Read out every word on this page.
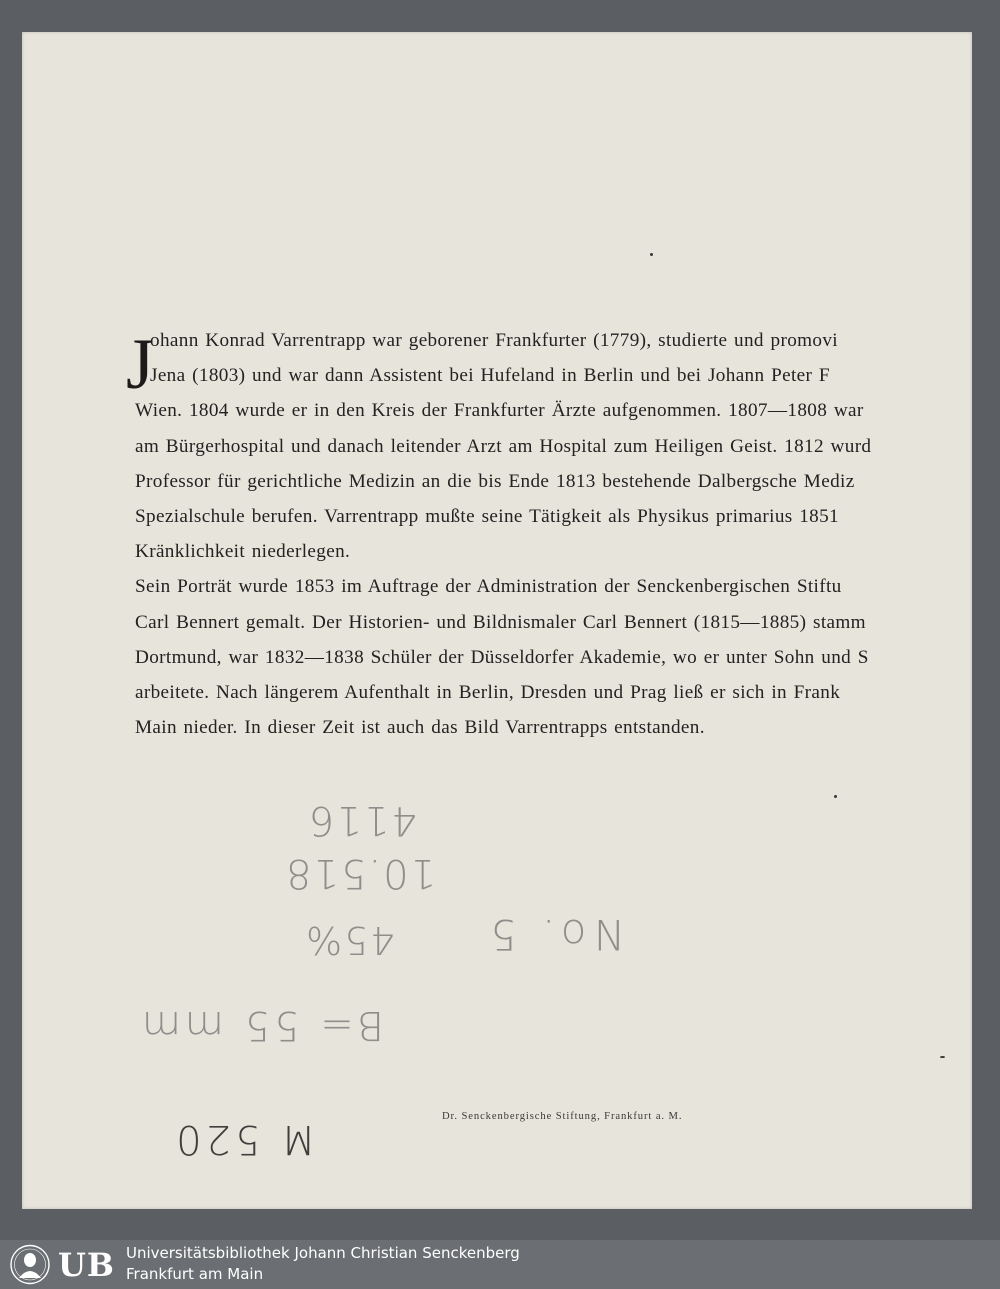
J
ohann Konrad Varrentrapp war geborener Frankfurter (1779), studierte und promovi
Jena (1803) und war dann Assistent bei Hufeland in Berlin und bei Johann Peter F
Wien. 1804 wurde er in den Kreis der Frankfurter Ärzte aufgenommen. 1807—1808 war
am Bürgerhospital und danach leitender Arzt am Hospital zum Heiligen Geist. 1812 wurd
Professor für gerichtliche Medizin an die bis Ende 1813 bestehende Dalbergsche Mediz
Spezialschule berufen. Varrentrapp mußte seine Tätigkeit als Physikus primarius 1851
Kränklichkeit niederlegen.
Sein Porträt wurde 1853 im Auftrage der Administration der Senckenbergischen Stiftu
Carl Bennert gemalt. Der Historien- und Bildnismaler Carl Bennert (1815—1885) stamm
Dortmund, war 1832—1838 Schüler der Düsseldorfer Akademie, wo er unter Sohn und S
arbeitete. Nach längerem Aufenthalt in Berlin, Dresden und Prag ließ er sich in Frank
Main nieder. In dieser Zeit ist auch das Bild Varrentrapps entstanden.
4116
10.518
No. 5
45%
B= 55 mm
M 520	Dr. Senckenbergische Stiftung, Frankfurt a. M.
UB Universitätsbibliothek Johann Christian Senckenberg
Frankfurt am Main
